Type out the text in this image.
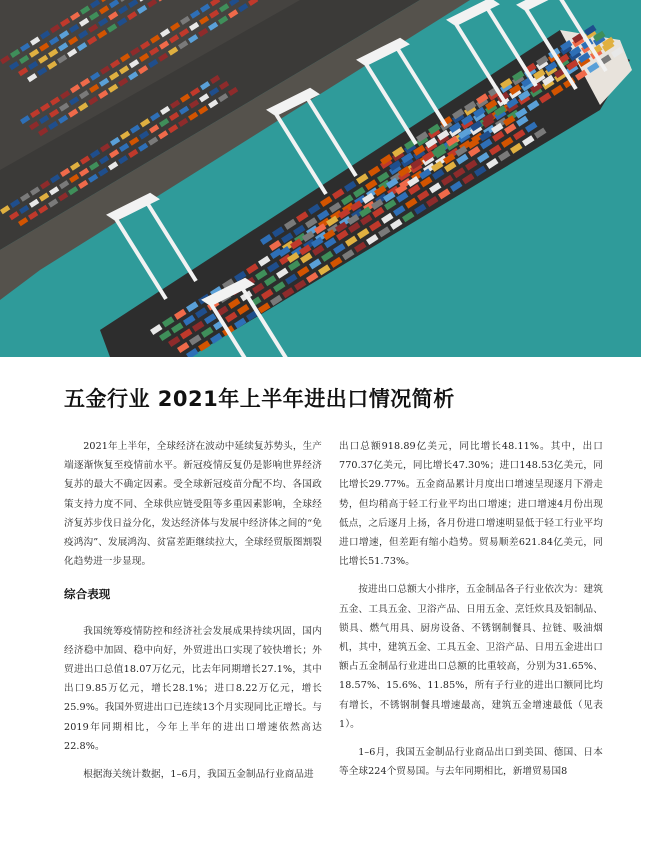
五金行业 2021年上半年进出口情况简析

2021年上半年，全球经济在波动中延续复苏势头，生产端逐渐恢复至疫情前水平。新冠疫情反复仍是影响世界经济复苏的最大不确定因素。受全球新冠疫苗分配不均、各国政策支持力度不同、全球供应链受阻等多重因素影响，全球经济复苏步伐日益分化，发达经济体与发展中经济体之间的“免疫鸿沟”、发展鸿沟、贫富差距继续拉大，全球经贸版图割裂化趋势进一步显现。

综合表现

我国统筹疫情防控和经济社会发展成果持续巩固，国内经济稳中加固、稳中向好，外贸进出口实现了较快增长；外贸进出口总值18.07万亿元，比去年同期增长27.1%，其中出口9.85万亿元，增长28.1%；进口8.22万亿元，增长25.9%。我国外贸进出口已连续13个月实现同比正增长。与2019年同期相比，今年上半年的进出口增速依然高达22.8%。

根据海关统计数据，1–6月，我国五金制品行业商品进

出口总额918.89亿美元，同比增长48.11%。其中，出口770.37亿美元，同比增长47.30%；进口148.53亿美元，同比增长29.77%。五金商品累计月度出口增速呈现逐月下滑走势，但均稍高于轻工行业平均出口增速；进口增速4月份出现低点，之后逐月上扬，各月份进口增速明显低于轻工行业平均进口增速，但差距有缩小趋势。贸易顺差621.84亿美元，同比增长51.73%。

按进出口总额大小排序，五金制品各子行业依次为：建筑五金、工具五金、卫浴产品、日用五金、烹饪炊具及铝制品、锁具、燃气用具、厨房设备、不锈钢制餐具、拉链、吸油烟机，其中，建筑五金、工具五金、卫浴产品、日用五金进出口额占五金制品行业进出口总额的比重较高，分别为31.65%、18.57%、15.6%、11.85%，所有子行业的进出口额同比均有增长，不锈钢制餐具增速最高，建筑五金增速最低（见表1）。

1–6月，我国五金制品行业商品出口到美国、德国、日本等全球224个贸易国。与去年同期相比，新增贸易国8
